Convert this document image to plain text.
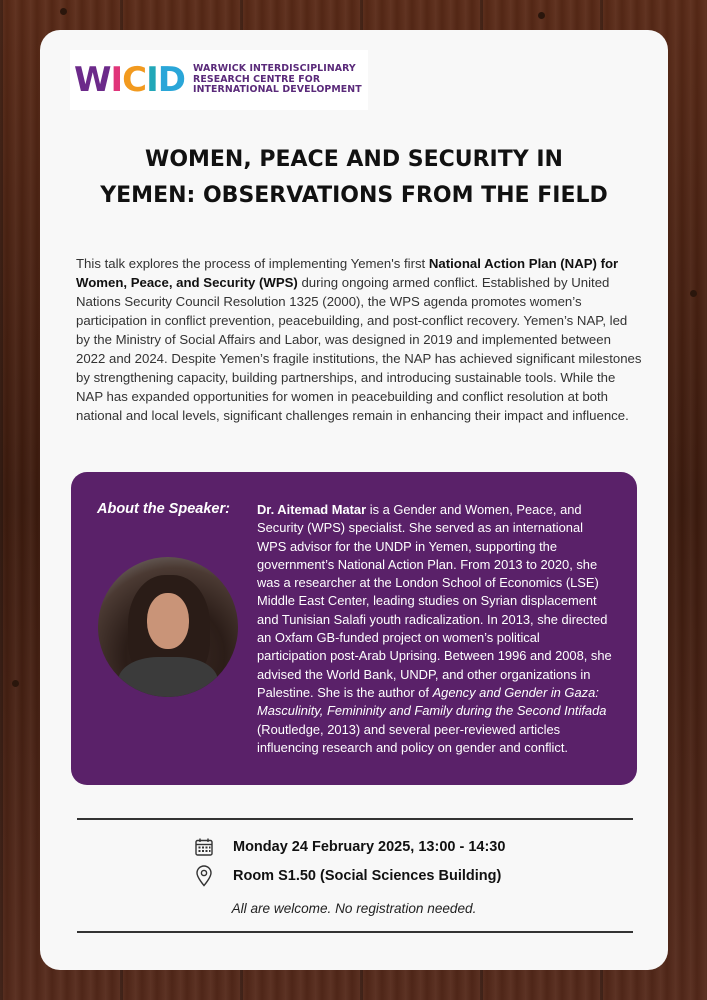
W I C I D WARWICK INTERDISCIPLINARY
RESEARCH CENTRE FOR
INTERNATIONAL DEVELOPMENT
WOMEN, PEACE AND SECURITY IN
YEMEN: OBSERVATIONS FROM THE FIELD

This talk explores the process of implementing Yemen's first National Action Plan (NAP) for Women, Peace, and Security (WPS) during ongoing armed conflict. Established by United Nations Security Council Resolution 1325 (2000), the WPS agenda promotes women’s participation in conflict prevention, peacebuilding, and post-conflict recovery. Yemen’s NAP, led by the Ministry of Social Affairs and Labor, was designed in 2019 and implemented between 2022 and 2024. Despite Yemen’s fragile institutions, the NAP has achieved significant milestones by strengthening capacity, building partnerships, and introducing sustainable tools. While the NAP has expanded opportunities for women in peacebuilding and conflict resolution at both national and local levels, significant challenges remain in enhancing their impact and influence.

About the Speaker: Dr. Aitemad Matar is a Gender and Women, Peace, and Security (WPS) specialist. She served as an international WPS advisor for the UNDP in Yemen, supporting the government’s National Action Plan. From 2013 to 2020, she was a researcher at the London School of Economics (LSE) Middle East Center, leading studies on Syrian displacement and Tunisian Salafi youth radicalization. In 2013, she directed an Oxfam GB-funded project on women’s political participation post-Arab Uprising. Between 1996 and 2008, she advised the World Bank, UNDP, and other organizations in Palestine. She is the author of Agency and Gender in Gaza: Masculinity, Femininity and Family during the Second Intifada (Routledge, 2013) and several peer-reviewed articles influencing research and policy on gender and conflict.

Monday 24 February 2025, 13:00 - 14:30
Room S1.50 (Social Sciences Building)
All are welcome. No registration needed.
